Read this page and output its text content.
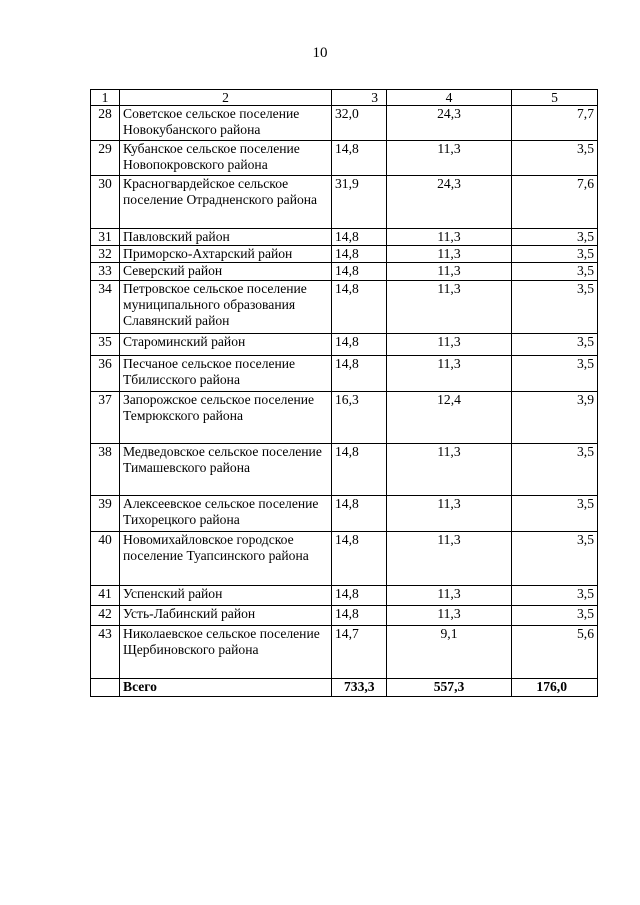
10
1	2	3	4	5
28	Советское сельское поселение Новокубанского района	32,0	24,3	7,7
29	Кубанское сельское поселение Новопокровского района	14,8	11,3	3,5
30	Красногвардейское сельское поселение Отрадненского района	31,9	24,3	7,6
31	Павловский район	14,8	11,3	3,5
32	Приморско-Ахтарский район	14,8	11,3	3,5
33	Северский район	14,8	11,3	3,5
34	Петровское сельское поселение муниципального образования Славянский район	14,8	11,3	3,5
35	Староминский район	14,8	11,3	3,5
36	Песчаное сельское поселение Тбилисского района	14,8	11,3	3,5
37	Запорожское сельское поселение Темрюкского района	16,3	12,4	3,9
38	Медведовское сельское поселение Тимашевского района	14,8	11,3	3,5
39	Алексеевское сельское поселение Тихорецкого района	14,8	11,3	3,5
40	Новомихайловское городское поселение Туапсинского района	14,8	11,3	3,5
41	Успенский район	14,8	11,3	3,5
42	Усть-Лабинский район	14,8	11,3	3,5
43	Николаевское сельское поселение Щербиновского района	14,7	9,1	5,6
	Всего	733,3	557,3	176,0
